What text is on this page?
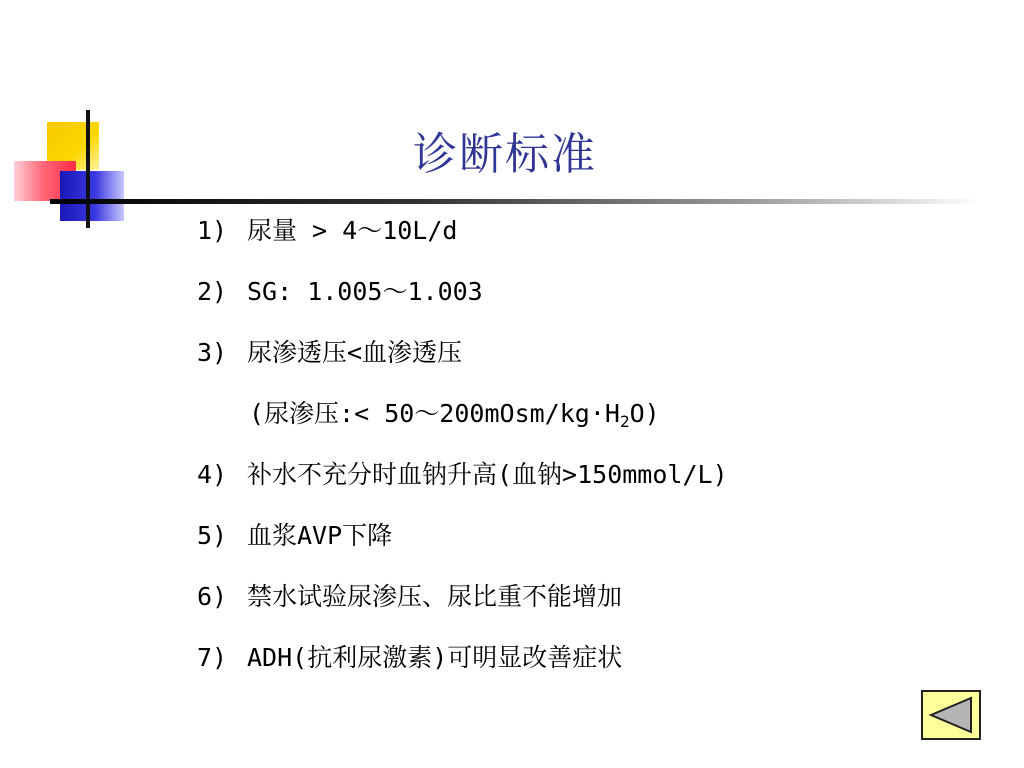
诊断标准
1) 尿量 > 4～10L/d
2) SG: 1.005～1.003
3) 尿渗透压<血渗透压
(尿渗压:< $50\sim 200mOsm/kg\cdot H_2O$)
4) 补水不充分时血钠升高(血钠>150mmol/L)
5) 血浆AVP下降
6) 禁水试验尿渗压、尿比重不能增加
7) ADH(抗利尿激素)可明显改善症状
